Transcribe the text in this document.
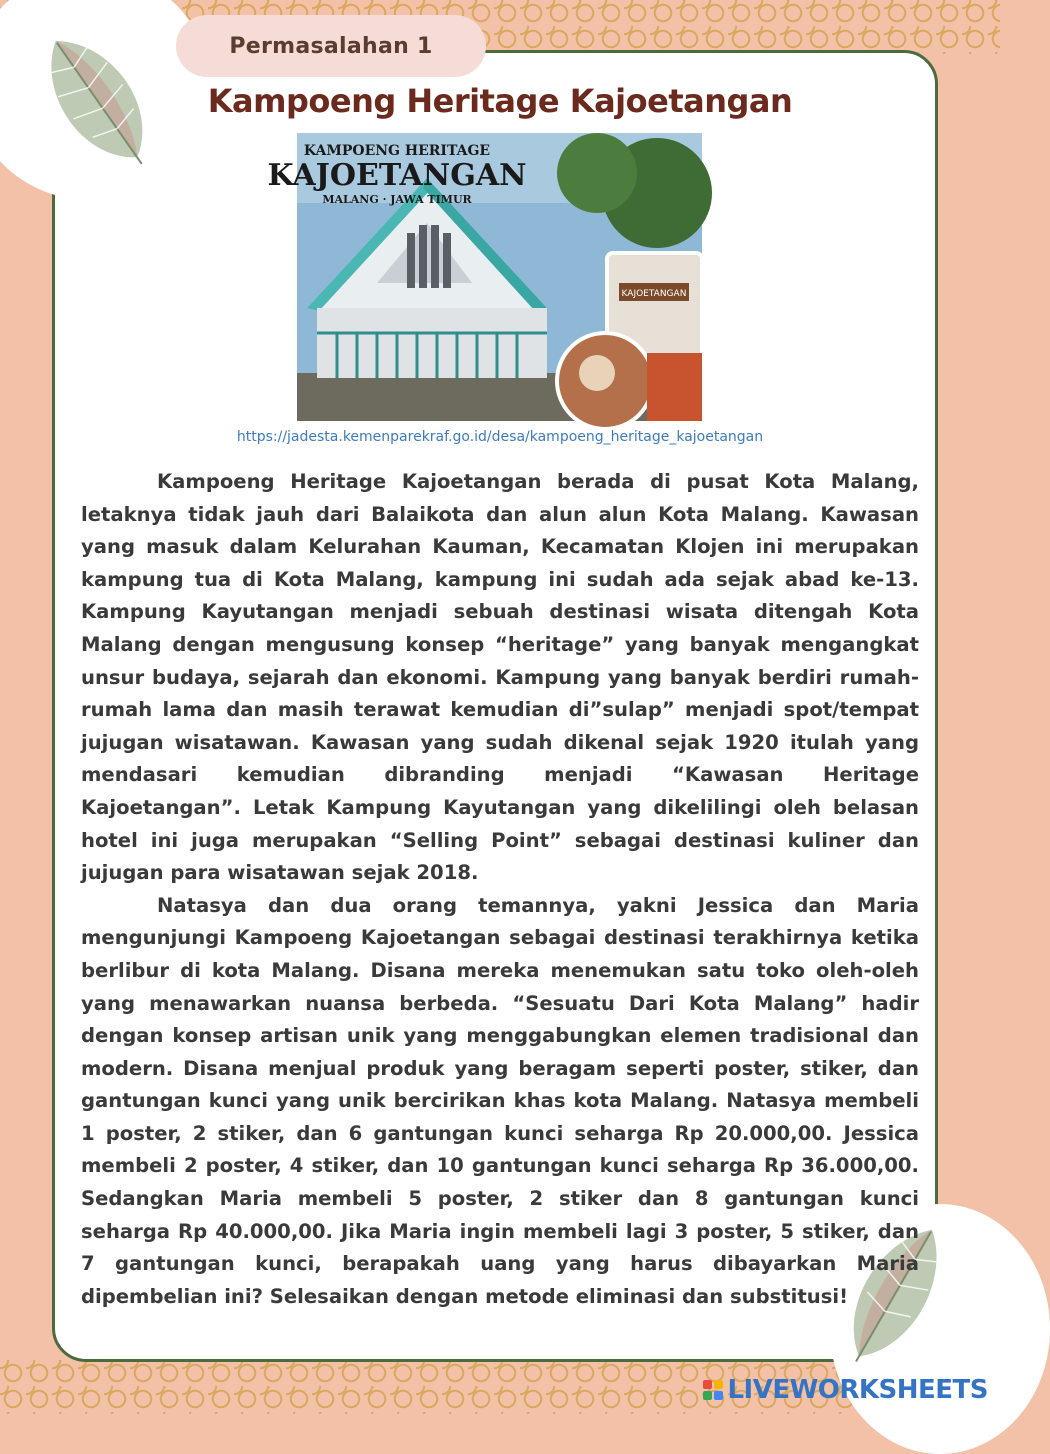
Permasalahan 1
Kampoeng Heritage Kajoetangan
KAJOETANGAN
KAMPOENG HERITAGE
KAJOETANGAN
MALANG · JAWA TIMUR
https://jadesta.kemenparekraf.go.id/desa/kampoeng_heritage_kajoetangan

Kampoeng Heritage Kajoetangan berada di pusat Kota Malang, letaknya tidak jauh dari Balaikota dan alun alun Kota Malang. Kawasan yang masuk dalam Kelurahan Kauman, Kecamatan Klojen ini merupakan kampung tua di Kota Malang, kampung ini sudah ada sejak abad ke-13. Kampung Kayutangan menjadi sebuah destinasi wisata ditengah Kota Malang dengan mengusung konsep “heritage” yang banyak mengangkat unsur budaya, sejarah dan ekonomi. Kampung yang banyak berdiri rumah-rumah lama dan masih terawat kemudian di”sulap” menjadi spot/tempat jujugan wisatawan. Kawasan yang sudah dikenal sejak 1920 itulah yang mendasari kemudian dibranding menjadi “Kawasan Heritage Kajoetangan”. Letak Kampung Kayutangan yang dikelilingi oleh belasan hotel ini juga merupakan “Selling Point” sebagai destinasi kuliner dan jujugan para wisatawan sejak 2018.

Natasya dan dua orang temannya, yakni Jessica dan Maria mengunjungi Kampoeng Kajoetangan sebagai destinasi terakhirnya ketika berlibur di kota Malang. Disana mereka menemukan satu toko oleh-oleh yang menawarkan nuansa berbeda. “Sesuatu Dari Kota Malang” hadir dengan konsep artisan unik yang menggabungkan elemen tradisional dan modern. Disana menjual produk yang beragam seperti poster, stiker, dan gantungan kunci yang unik bercirikan khas kota Malang. Natasya membeli 1 poster, 2 stiker, dan 6 gantungan kunci seharga Rp 20.000,00. Jessica membeli 2 poster, 4 stiker, dan 10 gantungan kunci seharga Rp 36.000,00. Sedangkan Maria membeli 5 poster, 2 stiker dan 8 gantungan kunci seharga Rp 40.000,00. Jika Maria ingin membeli lagi 3 poster, 5 stiker, dan 7 gantungan kunci, berapakah uang yang harus dibayarkan Maria dipembelian ini? Selesaikan dengan metode eliminasi dan substitusi!

LIVEWORKSHEETS
